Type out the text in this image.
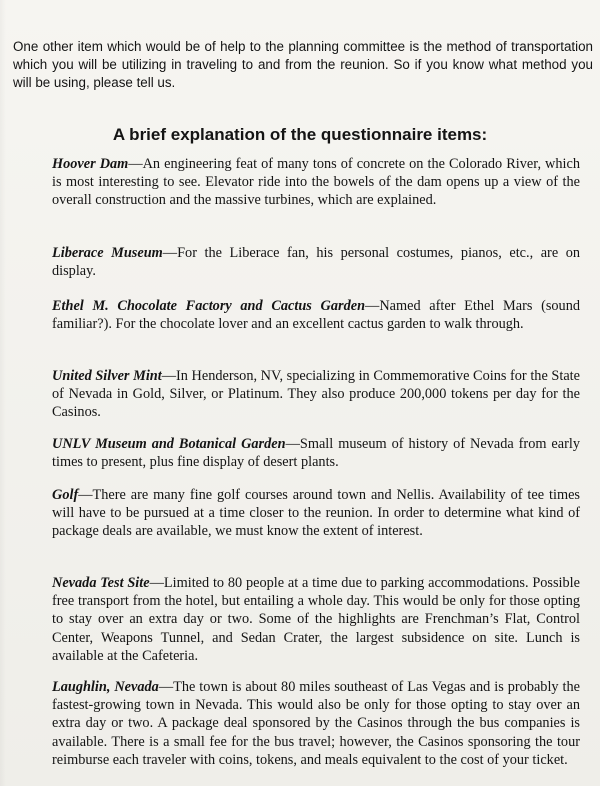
One other item which would be of help to the planning committee is the method of transportation which you will be utilizing in traveling to and from the reunion. So if you know what method you will be using, please tell us.

A brief explanation of the questionnaire items:

Hoover Dam—An engineering feat of many tons of concrete on the Colorado River, which is most interesting to see. Elevator ride into the bowels of the dam opens up a view of the overall construction and the massive turbines, which are explained.

Liberace Museum—For the Liberace fan, his personal costumes, pianos, etc., are on display.

Ethel M. Chocolate Factory and Cactus Garden—Named after Ethel Mars (sound familiar?). For the chocolate lover and an excellent cactus garden to walk through.

United Silver Mint—In Henderson, NV, specializing in Commemorative Coins for the State of Nevada in Gold, Silver, or Platinum. They also produce 200,000 tokens per day for the Casinos.

UNLV Museum and Botanical Garden—Small museum of history of Nevada from early times to present, plus fine display of desert plants.

Golf—There are many fine golf courses around town and Nellis. Availability of tee times will have to be pursued at a time closer to the reunion. In order to determine what kind of package deals are available, we must know the extent of interest.

Nevada Test Site—Limited to 80 people at a time due to parking accommodations. Possible free transport from the hotel, but entailing a whole day. This would be only for those opting to stay over an extra day or two. Some of the highlights are Frenchman’s Flat, Control Center, Weapons Tunnel, and Sedan Crater, the largest subsidence on site. Lunch is available at the Cafeteria.

Laughlin, Nevada—The town is about 80 miles southeast of Las Vegas and is probably the fastest-growing town in Nevada. This would also be only for those opting to stay over an extra day or two. A package deal sponsored by the Casinos through the bus companies is available. There is a small fee for the bus travel; however, the Casinos sponsoring the tour reimburse each traveler with coins, tokens, and meals equivalent to the cost of your ticket.
